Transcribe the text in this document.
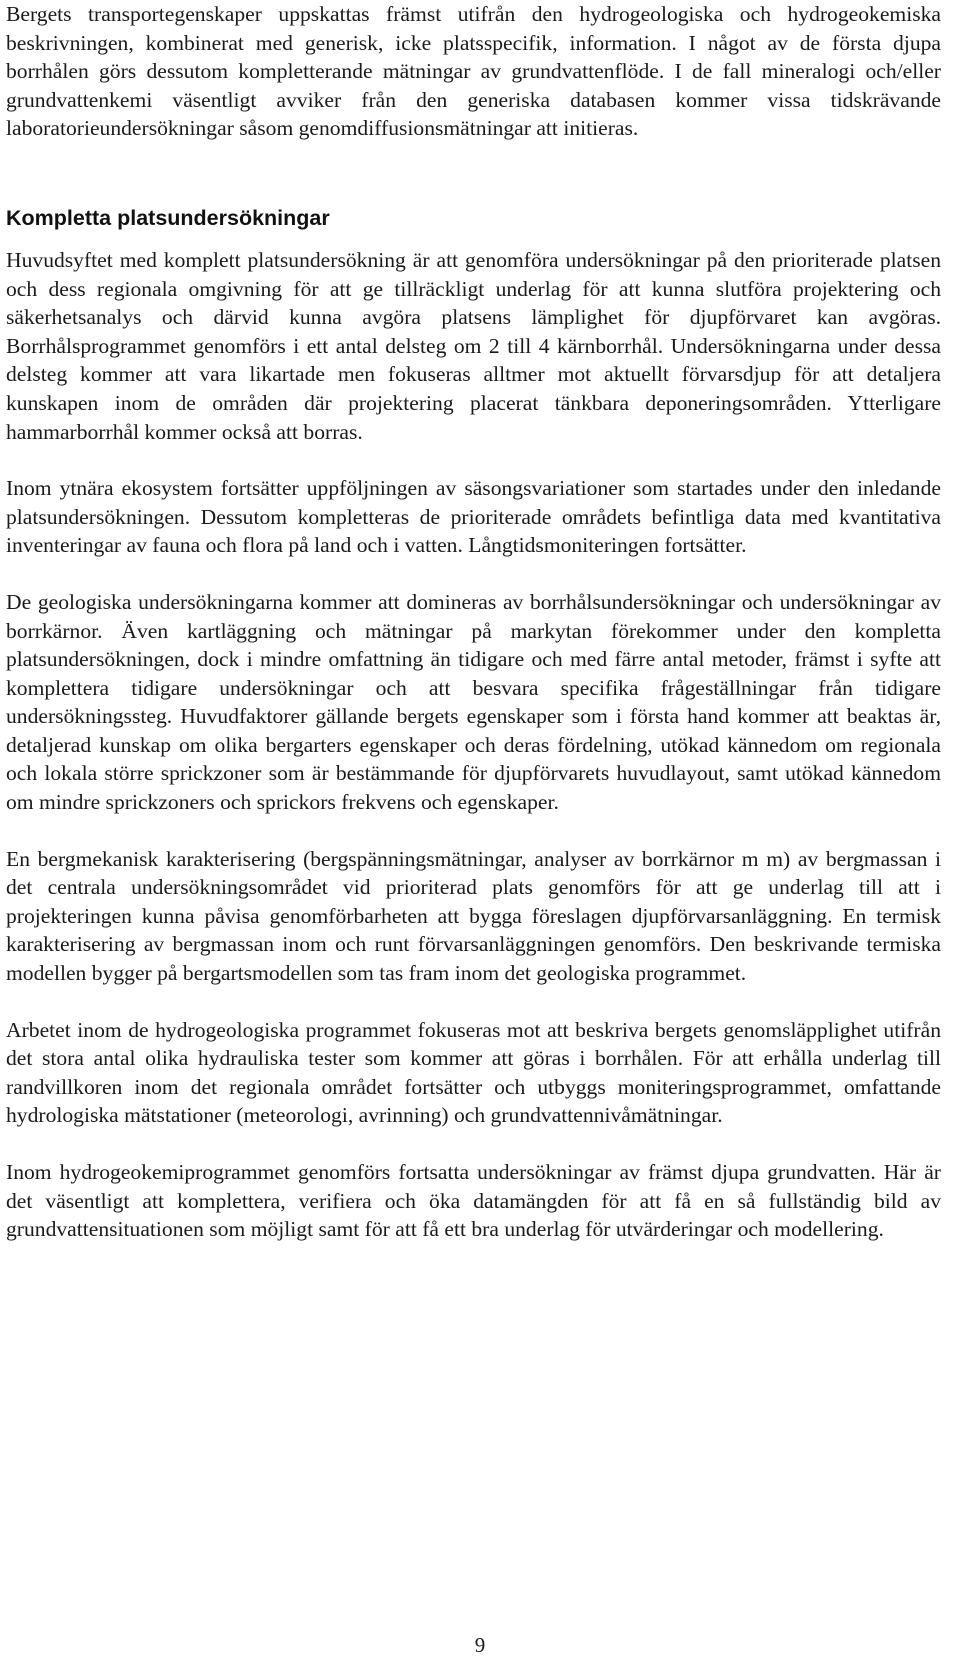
Bergets transportegenskaper uppskattas främst utifrån den hydrogeologiska och hydrogeokemiska beskrivningen, kombinerat med generisk, icke platsspecifik, information. I något av de första djupa borrhålen görs dessutom kompletterande mätningar av grundvattenflöde. I de fall mineralogi och/eller grundvattenkemi väsentligt avviker från den generiska databasen kommer vissa tidskrävande laboratorieundersökningar såsom genomdiffusionsmätningar att initieras.

Kompletta platsundersökningar

Huvudsyftet med komplett platsundersökning är att genomföra undersökningar på den prioriterade platsen och dess regionala omgivning för att ge tillräckligt underlag för att kunna slutföra projektering och säkerhetsanalys och därvid kunna avgöra platsens lämplighet för djupförvaret kan avgöras. Borrhålsprogrammet genomförs i ett antal delsteg om 2 till 4 kärnborrhål. Undersökningarna under dessa delsteg kommer att vara likartade men fokuseras alltmer mot aktuellt förvarsdjup för att detaljera kunskapen inom de områden där projektering placerat tänkbara deponeringsområden. Ytterligare hammarborrhål kommer också att borras.

Inom ytnära ekosystem fortsätter uppföljningen av säsongsvariationer som startades under den inledande platsundersökningen. Dessutom kompletteras de prioriterade områdets befintliga data med kvantitativa inventeringar av fauna och flora på land och i vatten. Långtidsmoniteringen fortsätter.

De geologiska undersökningarna kommer att domineras av borrhålsundersökningar och undersökningar av borrkärnor. Även kartläggning och mätningar på markytan förekommer under den kompletta platsundersökningen, dock i mindre omfattning än tidigare och med färre antal metoder, främst i syfte att komplettera tidigare undersökningar och att besvara specifika frågeställningar från tidigare undersökningssteg. Huvudfaktorer gällande bergets egenskaper som i första hand kommer att beaktas är, detaljerad kunskap om olika bergarters egenskaper och deras fördelning, utökad kännedom om regionala och lokala större sprickzoner som är bestämmande för djupförvarets huvudlayout, samt utökad kännedom om mindre sprickzoners och sprickors frekvens och egenskaper.

En bergmekanisk karakterisering (bergspänningsmätningar, analyser av borrkärnor m m) av bergmassan i det centrala undersökningsområdet vid prioriterad plats genomförs för att ge underlag till att i projekteringen kunna påvisa genomförbarheten att bygga föreslagen djupförvarsanläggning. En termisk karakterisering av bergmassan inom och runt förvarsanläggningen genomförs. Den beskrivande termiska modellen bygger på bergartsmodellen som tas fram inom det geologiska programmet.

Arbetet inom de hydrogeologiska programmet fokuseras mot att beskriva bergets genomsläpplighet utifrån det stora antal olika hydrauliska tester som kommer att göras i borrhålen. För att erhålla underlag till randvillkoren inom det regionala området fortsätter och utbyggs moniteringsprogrammet, omfattande hydrologiska mätstationer (meteorologi, avrinning) och grundvattennivåmätningar.

Inom hydrogeokemiprogrammet genomförs fortsatta undersökningar av främst djupa grundvatten. Här är det väsentligt att komplettera, verifiera och öka datamängden för att få en så fullständig bild av grundvattensituationen som möjligt samt för att få ett bra underlag för utvärderingar och modellering.

9
